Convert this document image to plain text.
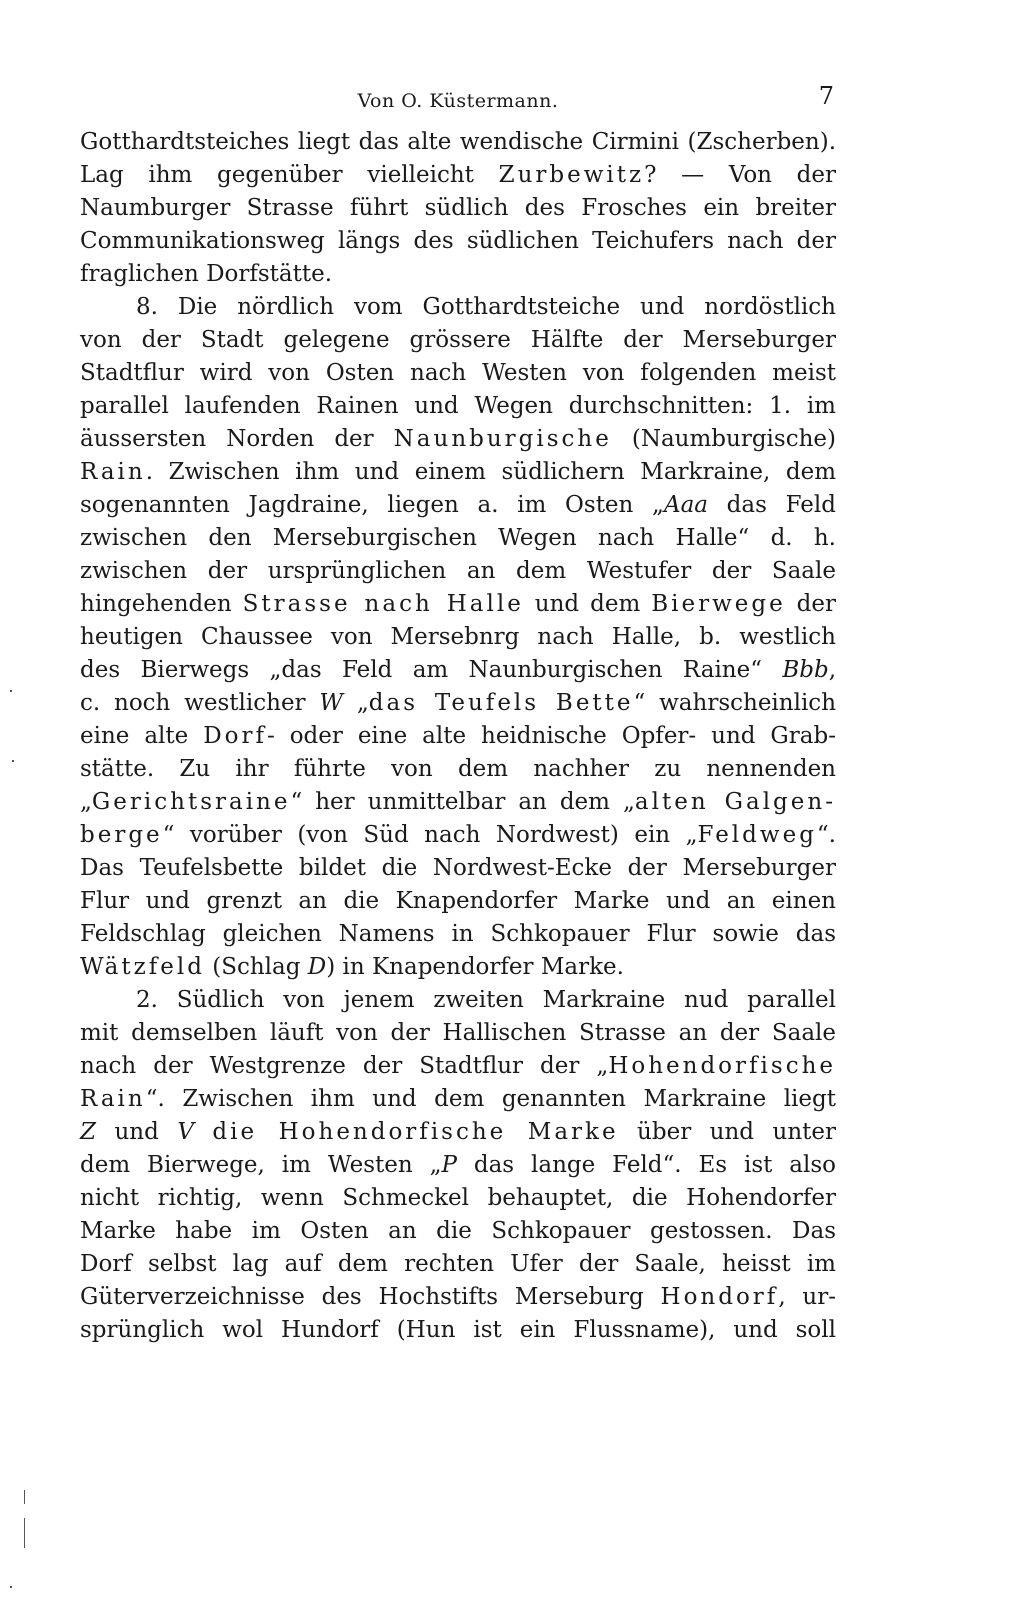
Von O. Küstermann.	7
Gotthardtsteiches liegt das alte wendische Cirmini (Zscherben).
Lag ihm gegenüber vielleicht Zurbewitz? — Von der
Naumburger Strasse führt südlich des Frosches ein breiter
Communikationsweg längs des südlichen Teichufers nach der
fraglichen Dorfstätte.
8. Die nördlich vom Gotthardtsteiche und nordöstlich
von der Stadt gelegene grössere Hälfte der Merseburger
Stadtflur wird von Osten nach Westen von folgenden meist
parallel laufenden Rainen und Wegen durchschnitten: 1. im
äussersten Norden der Naunburgische (Naumburgische)
Rain. Zwischen ihm und einem südlichern Markraine, dem
sogenannten Jagdraine, liegen a. im Osten „Aaa das Feld
zwischen den Merseburgischen Wegen nach Halle“ d. h.
zwischen der ursprünglichen an dem Westufer der Saale
hingehenden Strasse nach Halle und dem Bierwege der
heutigen Chaussee von Mersebnrg nach Halle, b. westlich
des Bierwegs „das Feld am Naunburgischen Raine“ Bbb,
c. noch westlicher W „das Teufels Bette“ wahrscheinlich
eine alte Dorf- oder eine alte heidnische Opfer- und Grab-
stätte. Zu ihr führte von dem nachher zu nennenden
„Gerichtsraine“ her unmittelbar an dem „alten Galgen-
berge“ vorüber (von Süd nach Nordwest) ein „Feldweg“.
Das Teufelsbette bildet die Nordwest-Ecke der Merseburger
Flur und grenzt an die Knapendorfer Marke und an einen
Feldschlag gleichen Namens in Schkopauer Flur sowie das
Wätzfeld (Schlag D) in Knapendorfer Marke.
2. Südlich von jenem zweiten Markraine nud parallel
mit demselben läuft von der Hallischen Strasse an der Saale
nach der Westgrenze der Stadtflur der „Hohendorfische
Rain“. Zwischen ihm und dem genannten Markraine liegt
Z und V die Hohendorfische Marke über und unter
dem Bierwege, im Westen „P das lange Feld“. Es ist also
nicht richtig, wenn Schmeckel behauptet, die Hohendorfer
Marke habe im Osten an die Schkopauer gestossen. Das
Dorf selbst lag auf dem rechten Ufer der Saale, heisst im
Güterverzeichnisse des Hochstifts Merseburg Hondorf, ur-
sprünglich wol Hundorf (Hun ist ein Flussname), und soll
